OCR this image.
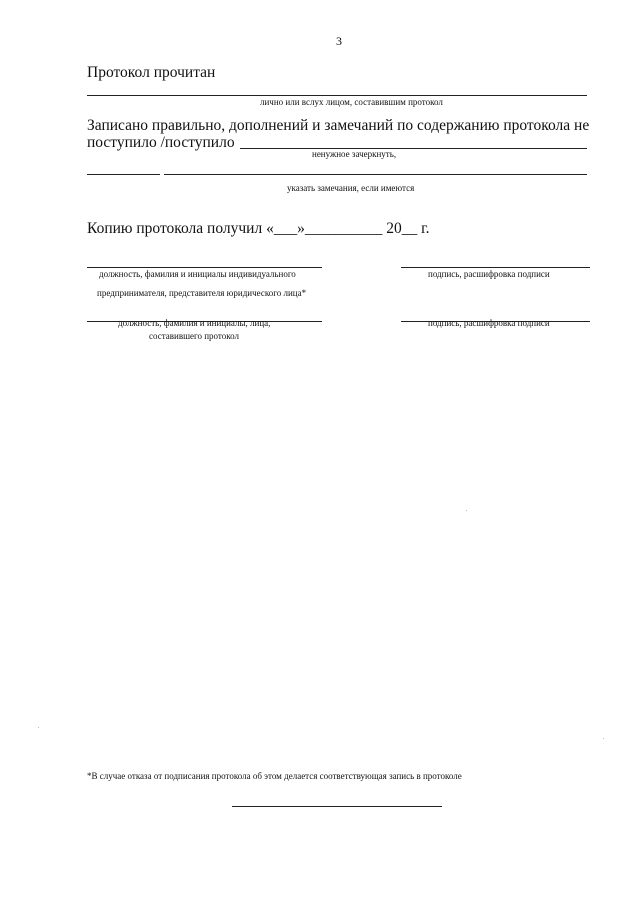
3
Протокол прочитан
лично или вслух лицом, составившим протокол
Записано правильно, дополнений и замечаний по содержанию протокола не
поступило /поступило
ненужное зачеркнуть,
указать замечания, если имеются
Копию протокола получил «___»__________ 20__ г.
должность, фамилия и инициалы индивидуального
предпринимателя, представителя юридического лица*
подпись, расшифровка подписи
должность, фамилия и инициалы, лица,
составившего протокол
подпись, расшифровка подписи
*В случае отказа от подписания протокола об этом делается соответствующая запись в протоколе
